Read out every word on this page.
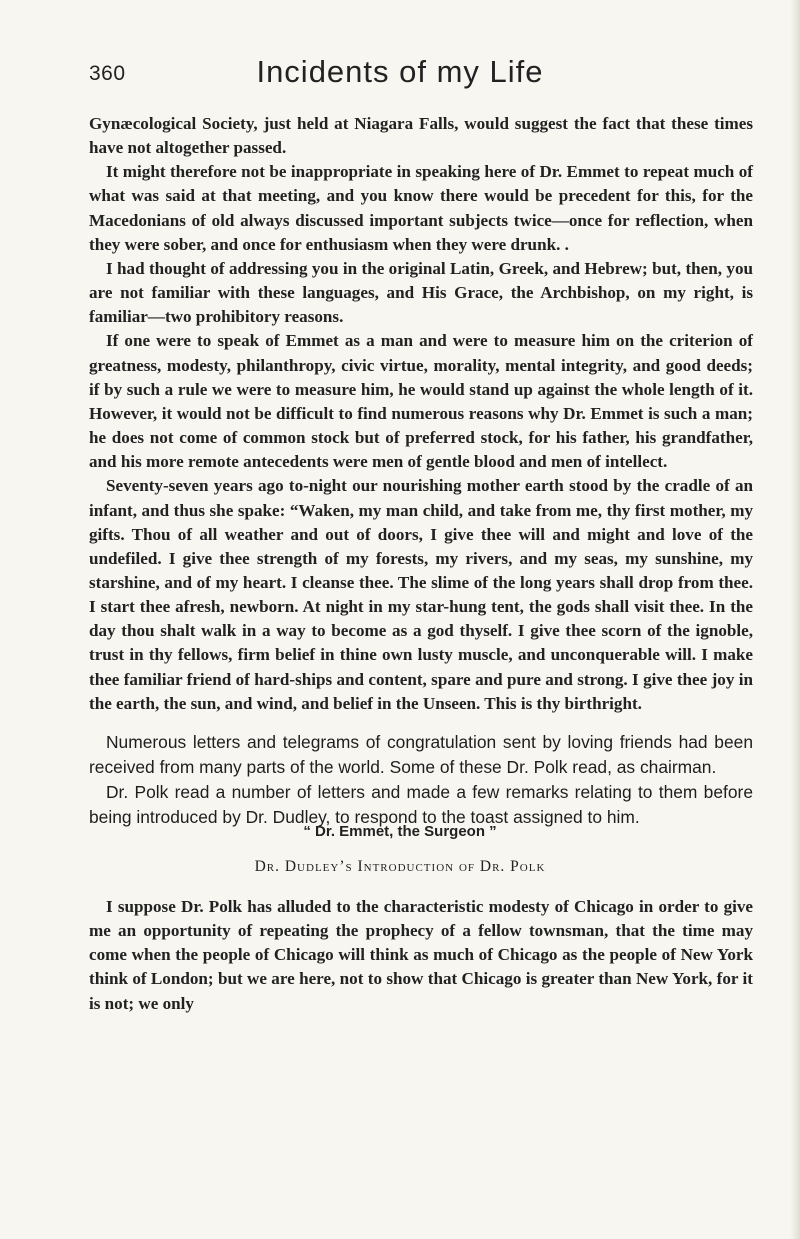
360	Incidents of my Life

Gynæcological Society, just held at Niagara Falls, would suggest the fact that these times have not altogether passed.

It might therefore not be inappropriate in speaking here of Dr. Emmet to repeat much of what was said at that meeting, and you know there would be precedent for this, for the Macedonians of old always discussed important subjects twice—once for reflection, when they were sober, and once for enthusiasm when they were drunk. .

I had thought of addressing you in the original Latin, Greek, and Hebrew; but, then, you are not familiar with these languages, and His Grace, the Archbishop, on my right, is familiar—two prohibitory reasons.

If one were to speak of Emmet as a man and were to measure him on the criterion of greatness, modesty, philanthropy, civic virtue, morality, mental integrity, and good deeds; if by such a rule we were to measure him, he would stand up against the whole length of it. However, it would not be difficult to find numerous reasons why Dr. Emmet is such a man; he does not come of common stock but of preferred stock, for his father, his grandfather, and his more remote antecedents were men of gentle blood and men of intellect.

Seventy-seven years ago to-night our nourishing mother earth stood by the cradle of an infant, and thus she spake: “Waken, my man child, and take from me, thy first mother, my gifts. Thou of all weather and out of doors, I give thee will and might and love of the undefiled. I give thee strength of my forests, my rivers, and my seas, my sunshine, my starshine, and of my heart. I cleanse thee. The slime of the long years shall drop from thee. I start thee afresh, newborn. At night in my star-hung tent, the gods shall visit thee. In the day thou shalt walk in a way to become as a god thyself. I give thee scorn of the ignoble, trust in thy fellows, firm belief in thine own lusty muscle, and unconquerable will. I make thee familiar friend of hard-ships and content, spare and pure and strong. I give thee joy in the earth, the sun, and wind, and belief in the Unseen. This is thy birthright.

Numerous letters and telegrams of congratulation sent by loving friends had been received from many parts of the world. Some of these Dr. Polk read, as chairman.

Dr. Polk read a number of letters and made a few remarks relating to them before being introduced by Dr. Dudley, to respond to the toast assigned to him.

“ Dr. Emmet, the Surgeon ”
Dr. Dudley’s Introduction of Dr. Polk

I suppose Dr. Polk has alluded to the characteristic modesty of Chicago in order to give me an opportunity of repeating the prophecy of a fellow townsman, that the time may come when the people of Chicago will think as much of Chicago as the people of New York think of London; but we are here, not to show that Chicago is greater than New York, for it is not; we only
